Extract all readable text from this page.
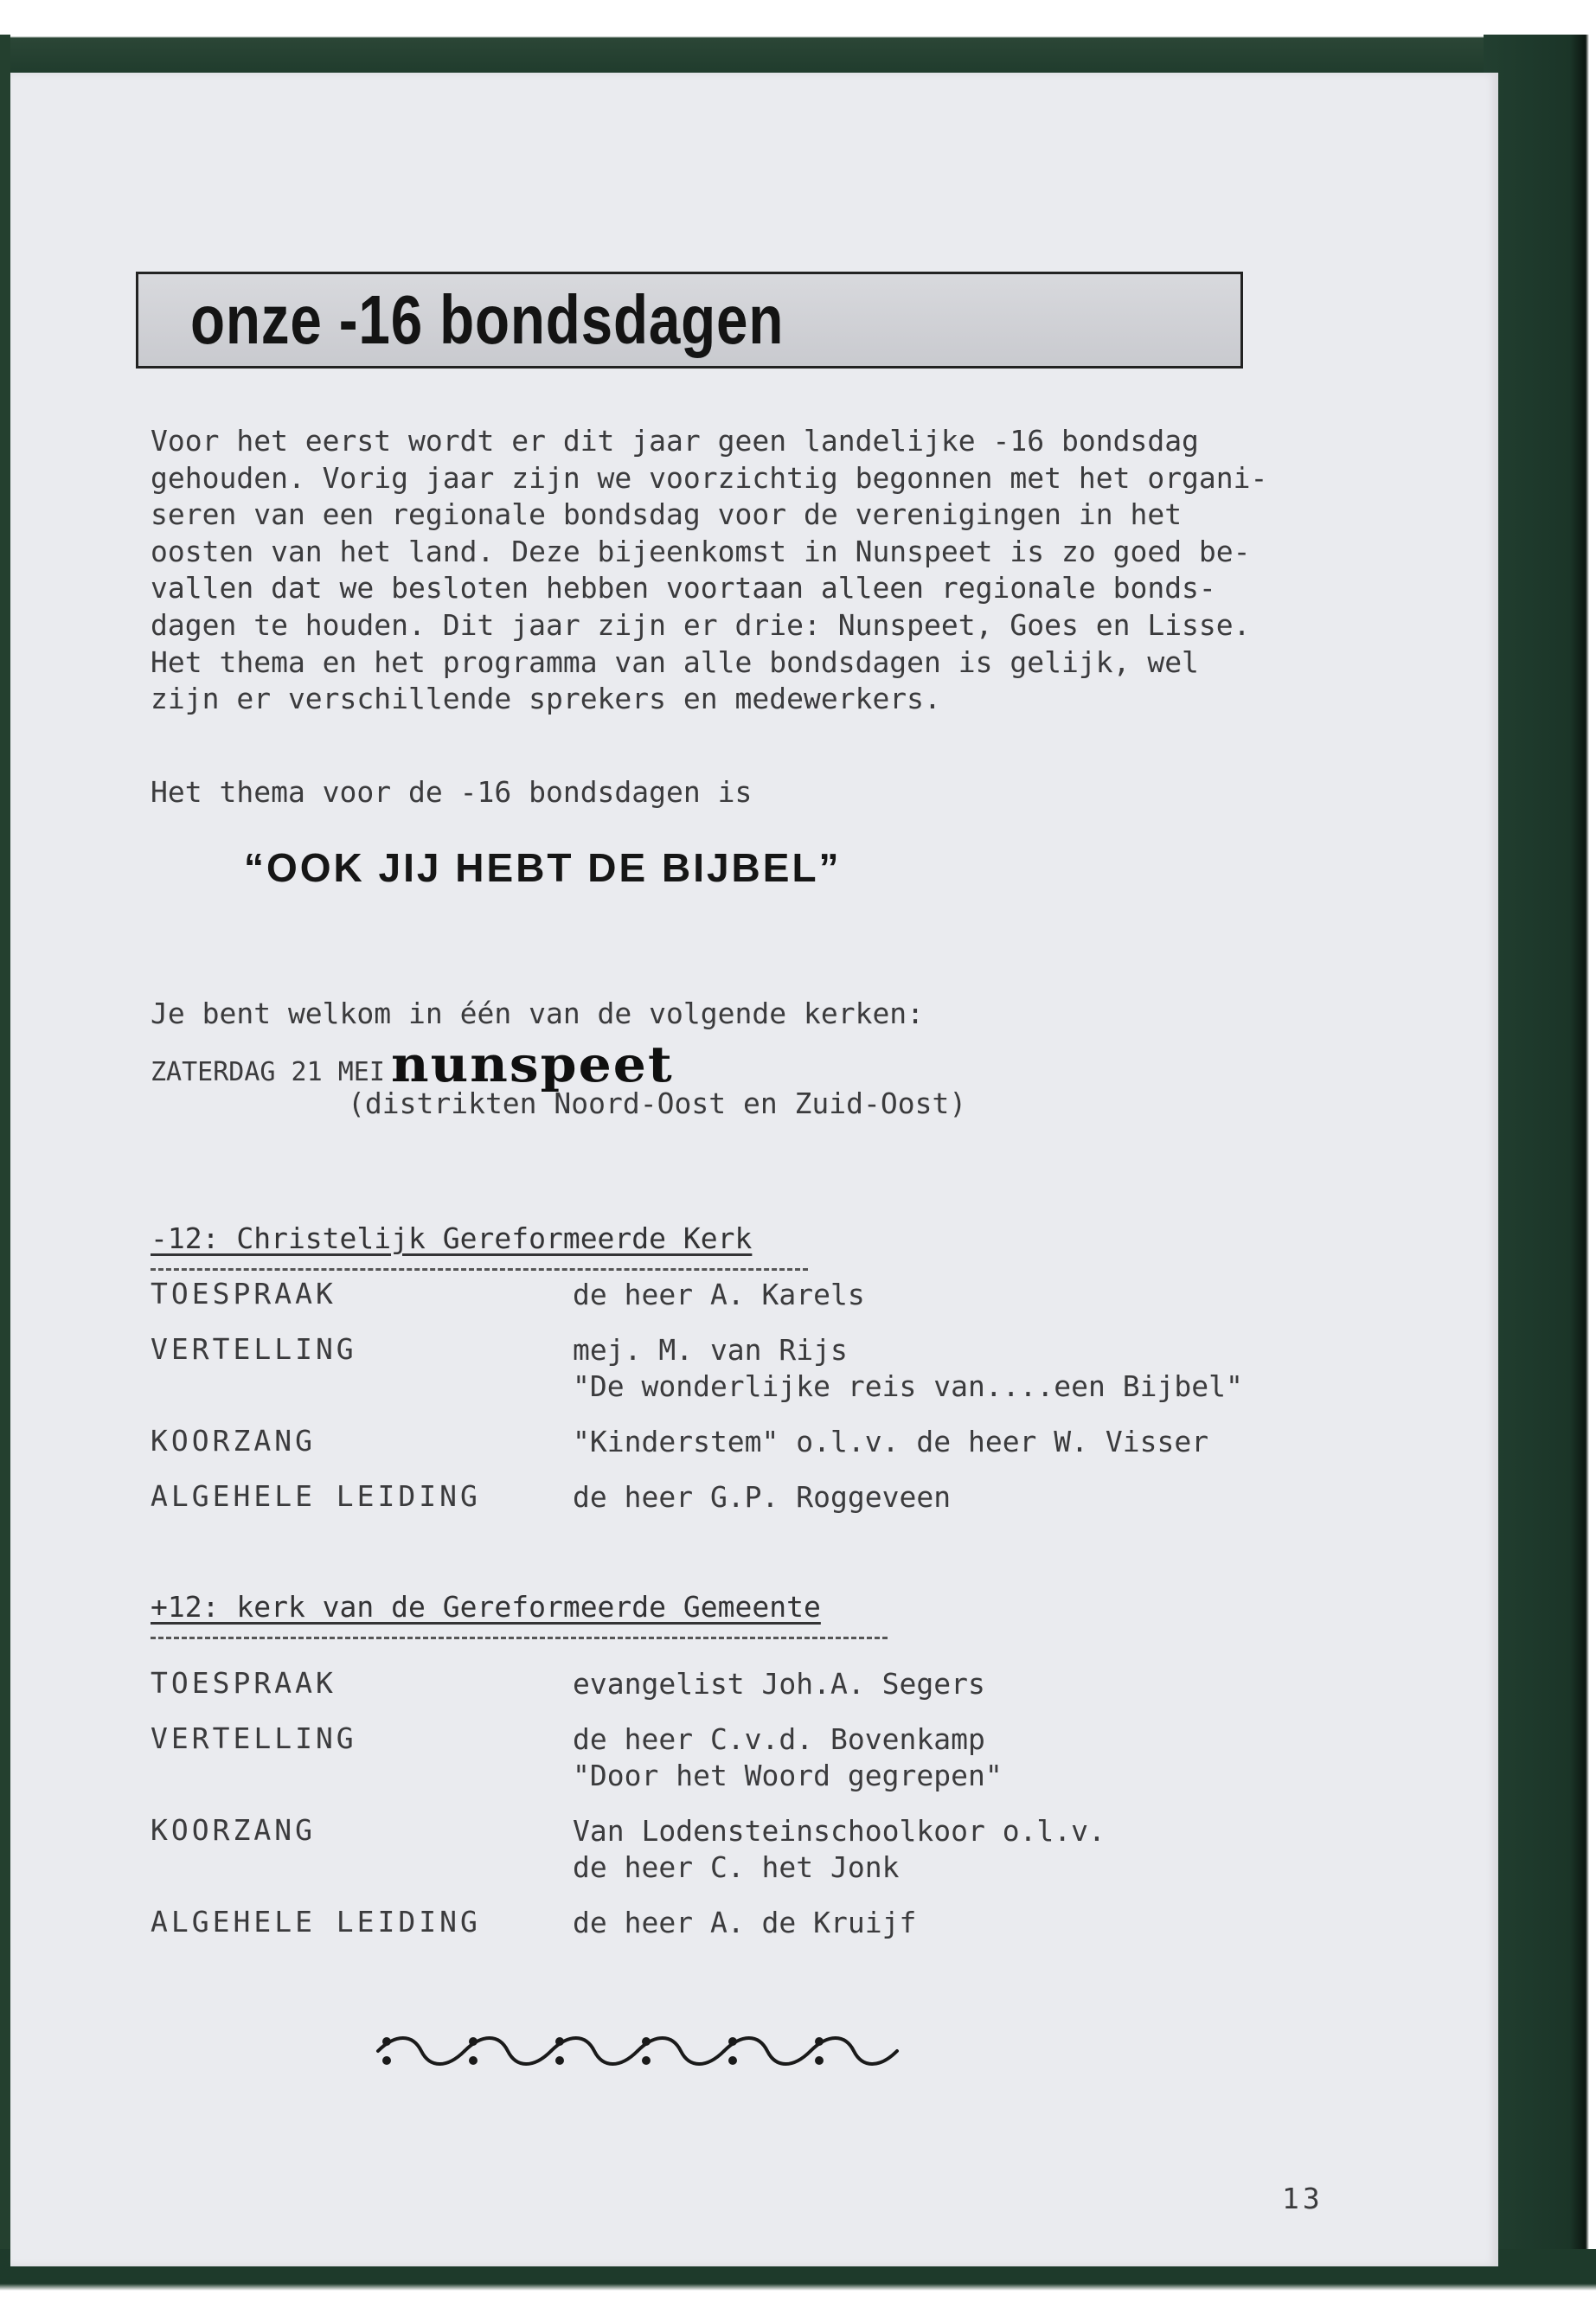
onze -16 bondsdagen
Voor het eerst wordt er dit jaar geen landelijke -16 bondsdag
gehouden. Vorig jaar zijn we voorzichtig begonnen met het organi-
seren van een regionale bondsdag voor de verenigingen in het
oosten van het land. Deze bijeenkomst in Nunspeet is zo goed be-
vallen dat we besloten hebben voortaan alleen regionale bonds-
dagen te houden. Dit jaar zijn er drie: Nunspeet, Goes en Lisse.
Het thema en het programma van alle bondsdagen is gelijk, wel
zijn er verschillende sprekers en medewerkers.
Het thema voor de -16 bondsdagen is
“OOK JIJ HEBT DE BIJBEL”
Je bent welkom in één van de volgende kerken:
ZATERDAG 21 MEI nunspeet
(distrikten Noord-Oost en Zuid-Oost)
-12: Christelijk Gereformeerde Kerk
TOESPRAAK	de heer A. Karels
VERTELLING	mej. M. van Rijs
"De wonderlijke reis van....een Bijbel"
KOORZANG	"Kinderstem" o.l.v. de heer W. Visser
ALGEHELE LEIDING	de heer G.P. Roggeveen
+12: kerk van de Gereformeerde Gemeente
TOESPRAAK	evangelist Joh.A. Segers
VERTELLING	de heer C.v.d. Bovenkamp
"Door het Woord gegrepen"
KOORZANG	Van Lodensteinschoolkoor o.l.v.
de heer C. het Jonk
ALGEHELE LEIDING	de heer A. de Kruijf
13
